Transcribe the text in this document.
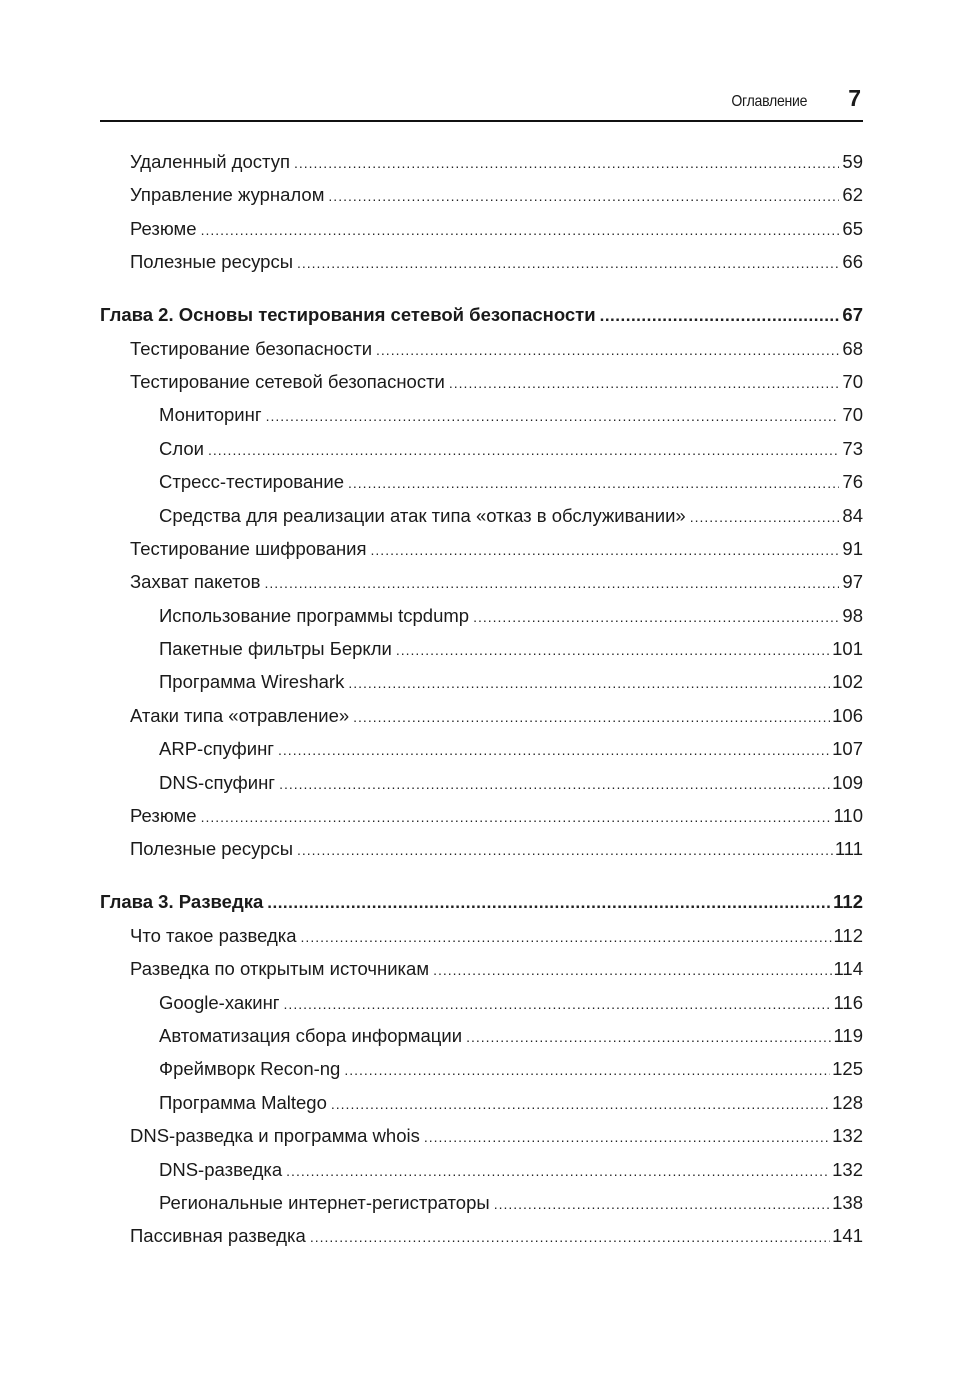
Оглавление 7
Удаленный доступ .....	59
Управление журналом .....	62
Резюме .....	65
Полезные ресурсы .....	66
Глава 2. Основы тестирования сетевой безопасности .....	67
Тестирование безопасности .....	68
Тестирование сетевой безопасности .....	70
Мониторинг .....	70
Слои .....	73
Стресс-тестирование .....	76
Средства для реализации атак типа «отказ в обслуживании» .....	84
Тестирование шифрования .....	91
Захват пакетов .....	97
Использование программы tcpdump .....	98
Пакетные фильтры Беркли .....	101
Программа Wireshark .....	102
Атаки типа «отравление» .....	106
ARP-спуфинг .....	107
DNS-спуфинг .....	109
Резюме .....	110
Полезные ресурсы .....	111
Глава 3. Разведка .....	112
Что такое разведка .....	112
Разведка по открытым источникам .....	114
Google-хакинг .....	116
Автоматизация сбора информации .....	119
Фреймворк Recon-ng .....	125
Программа Maltego .....	128
DNS-разведка и программа whois .....	132
DNS-разведка .....	132
Региональные интернет-регистраторы .....	138
Пассивная разведка .....	141
